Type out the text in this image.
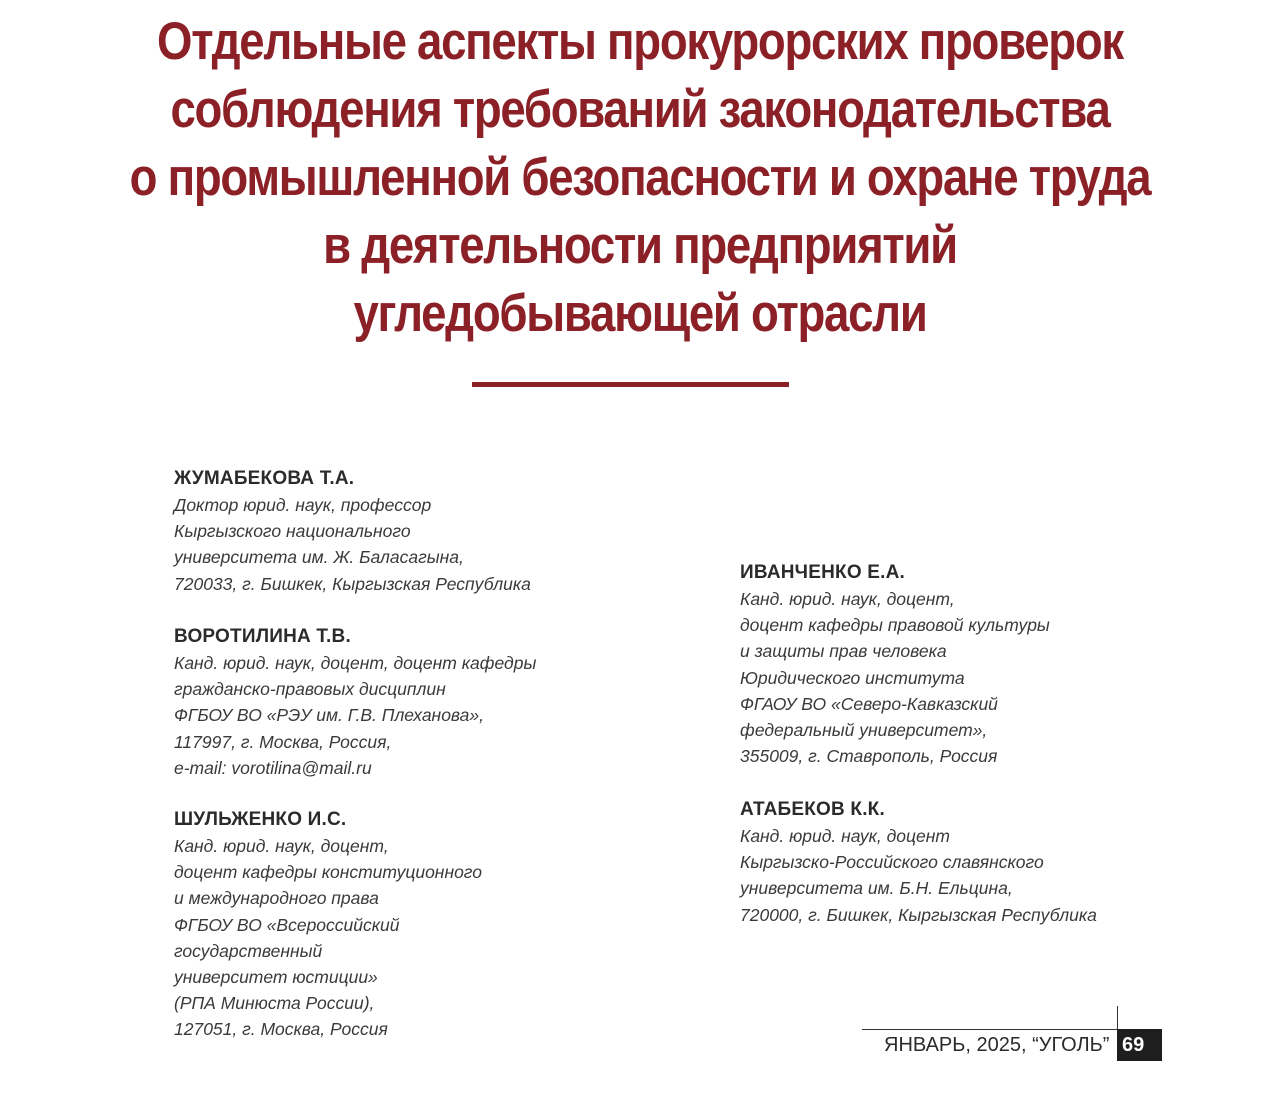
Отдельные аспекты прокурорских проверок
соблюдения требований законодательства
о промышленной безопасности и охране труда
в деятельности предприятий
угледобывающей отрасли
ЖУМАБЕКОВА Т.А.
Доктор юрид. наук, профессор
Кыргызского национального
университета им. Ж. Баласагына,
720033, г. Бишкек, Кыргызская Республика
ВОРОТИЛИНА Т.В.
Канд. юрид. наук, доцент, доцент кафедры
гражданско-правовых дисциплин
ФГБОУ ВО «РЭУ им. Г.В. Плеханова»,
117997, г. Москва, Россия,
e-mail: vorotilina@mail.ru
ШУЛЬЖЕНКО И.С.
Канд. юрид. наук, доцент,
доцент кафедры конституционного
и международного права
ФГБОУ ВО «Всероссийский
государственный
университет юстиции»
(РПА Минюста России),
127051, г. Москва, Россия
ИВАНЧЕНКО Е.А.
Канд. юрид. наук, доцент,
доцент кафедры правовой культуры
и защиты прав человека
Юридического института
ФГАОУ ВО «Северо-Кавказский
федеральный университет»,
355009, г. Ставрополь, Россия
АТАБЕКОВ К.К.
Канд. юрид. наук, доцент
Кыргызско-Российского славянского
университета им. Б.Н. Ельцина,
720000, г. Бишкек, Кыргызская Республика
ЯНВАРЬ, 2025, “УГОЛЬ” 69
